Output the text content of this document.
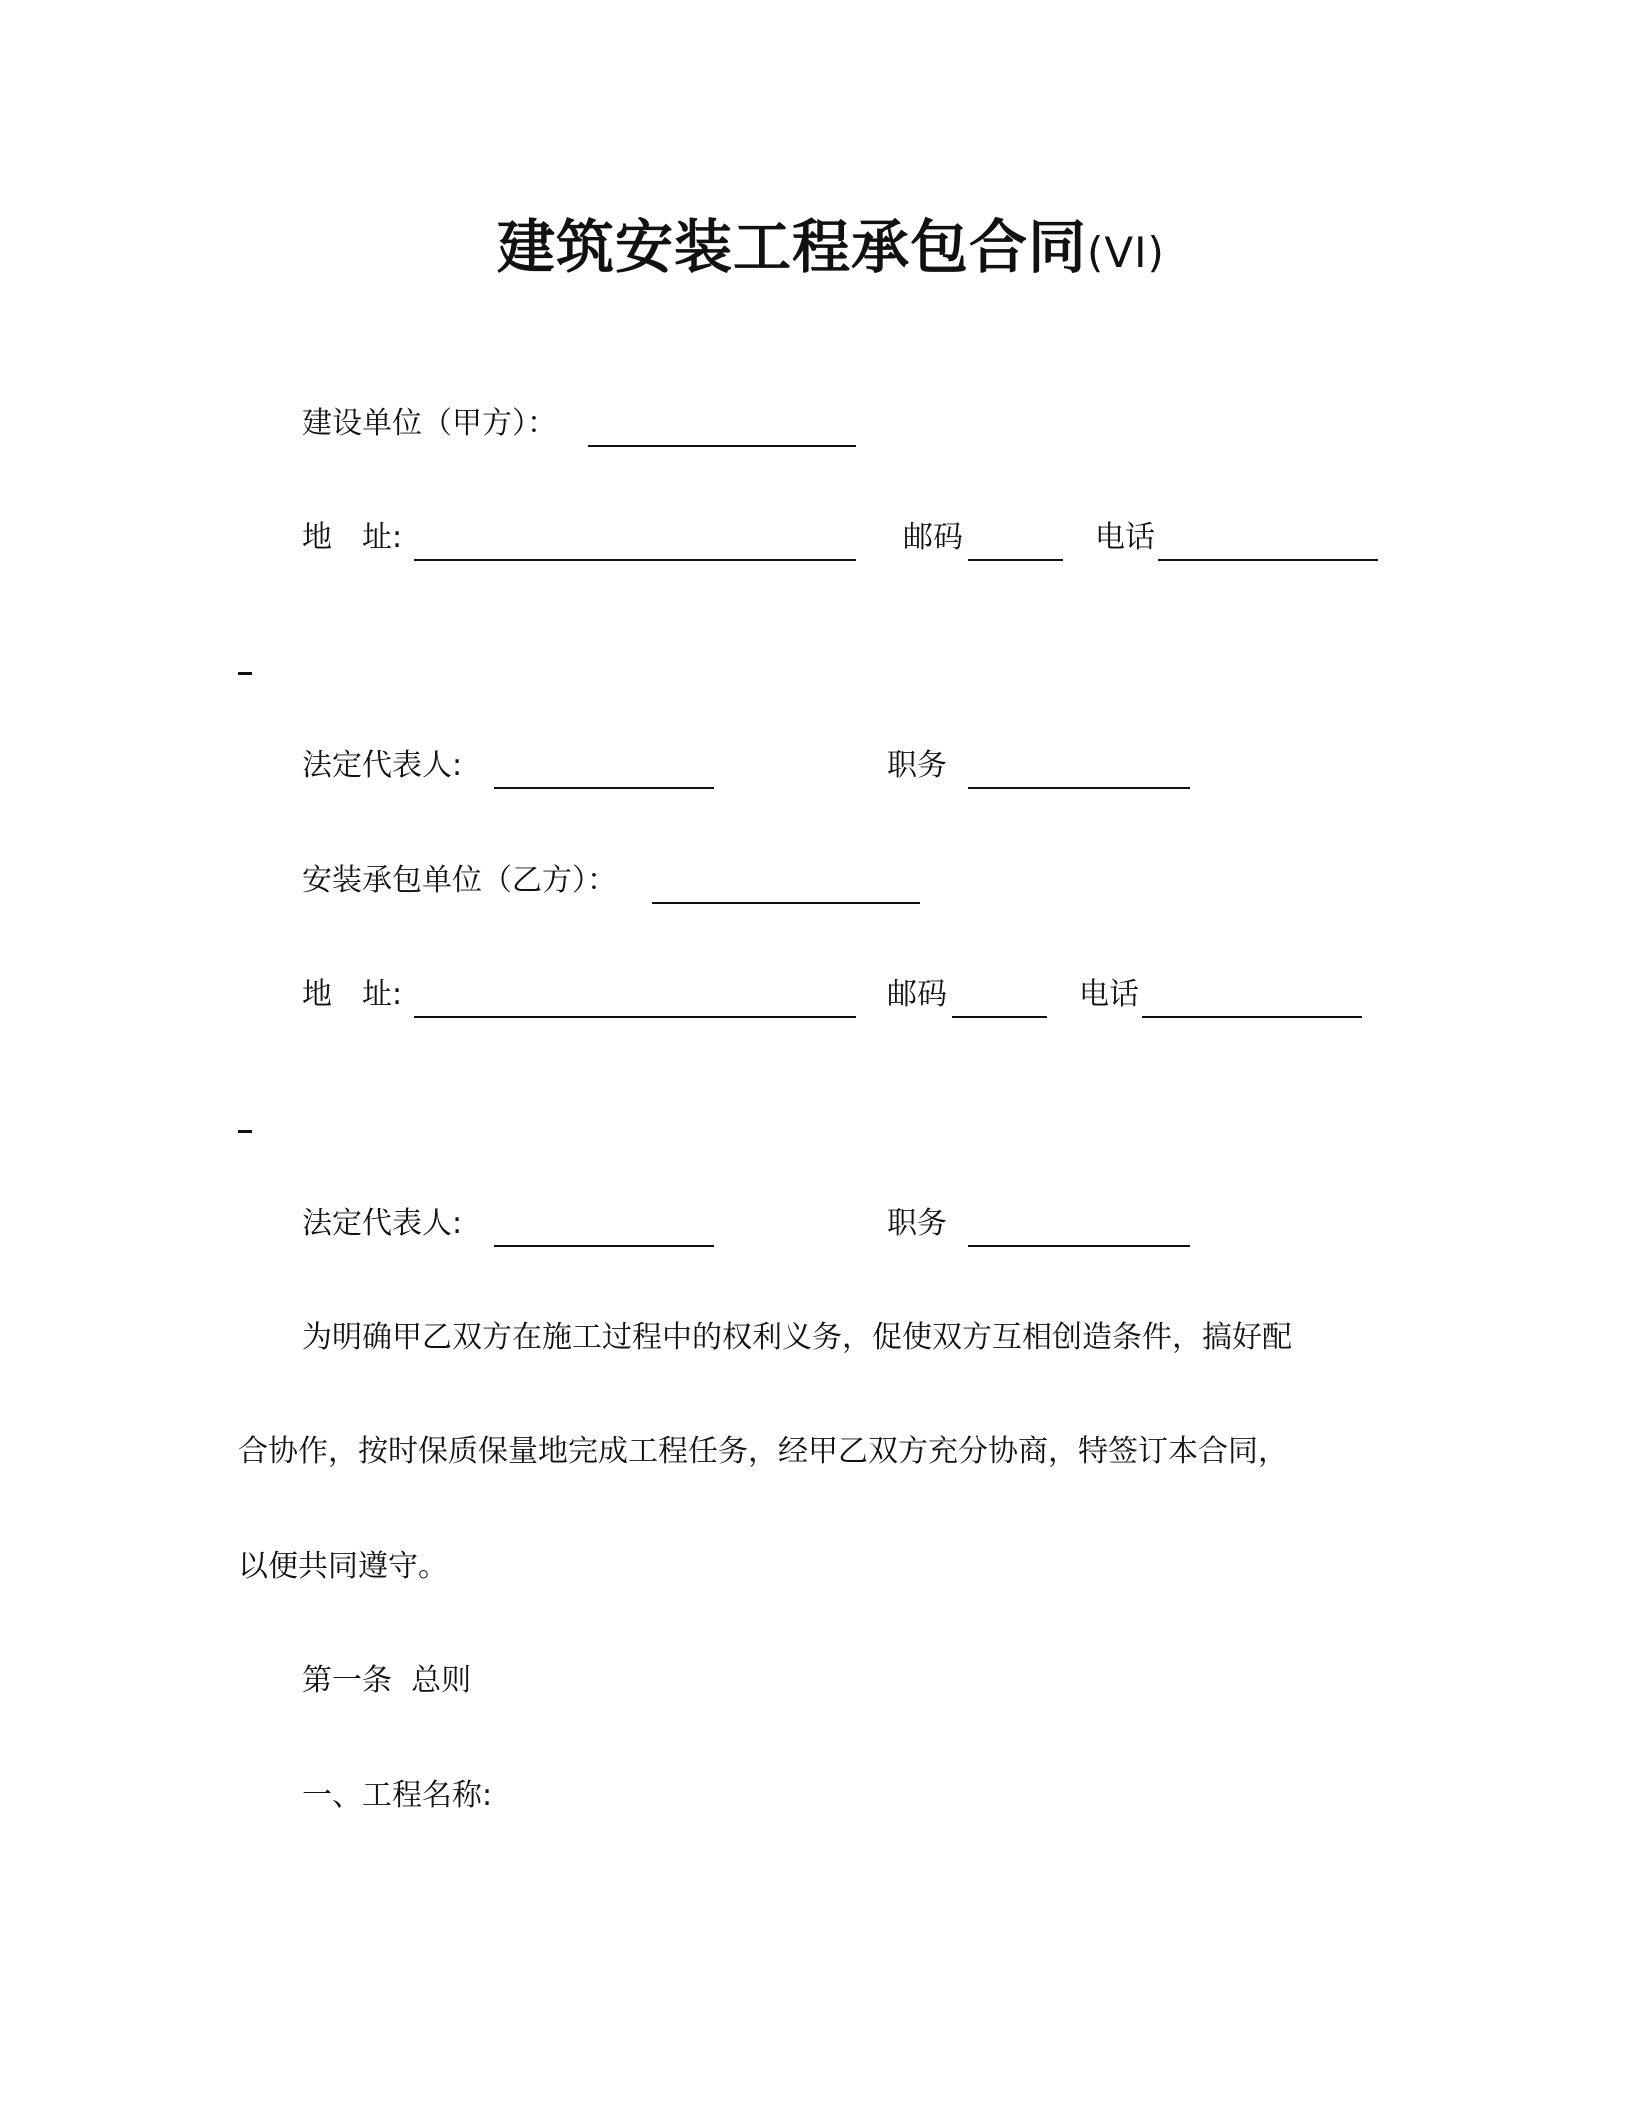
建筑安装工程承包合同(VI)
建设单位（甲方）：
地　址:	邮码	电话
法定代表人:	职务
安装承包单位（乙方）：
地　址:	邮码	电话
法定代表人:	职务
为明确甲乙双方在施工过程中的权利义务，促使双方互相创造条件，搞好配
合协作，按时保质保量地完成工程任务，经甲乙双方充分协商，特签订本合同，
以便共同遵守。
第一条  总则
一、工程名称:
